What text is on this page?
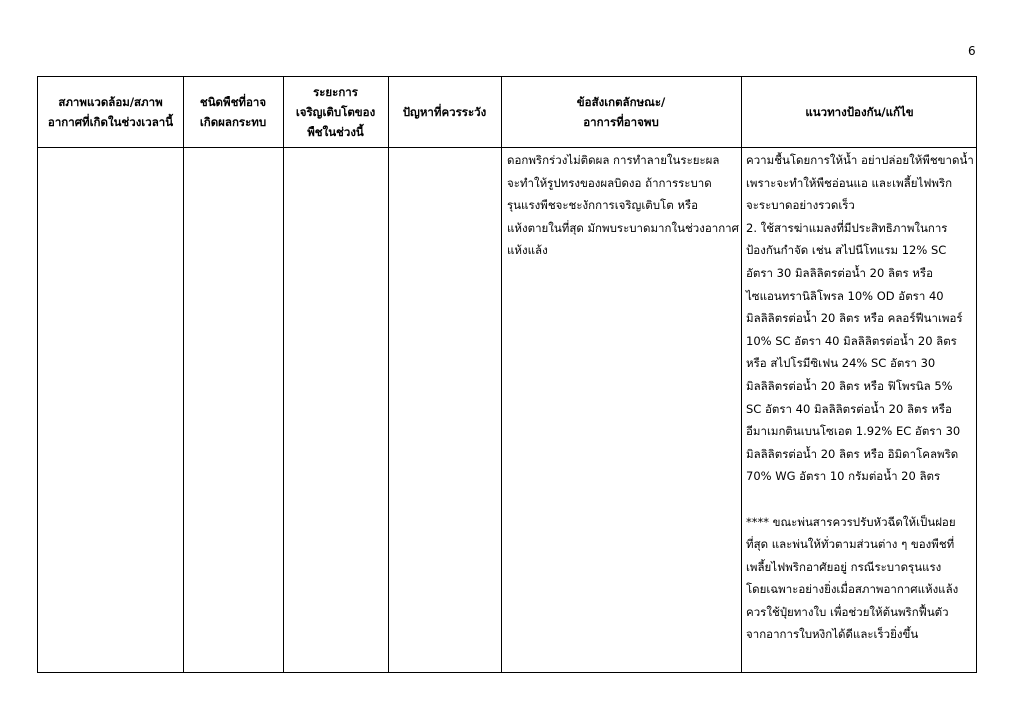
6
สภาพแวดล้อม/สภาพ
อากาศที่เกิดในช่วงเวลานี้
ชนิดพืชที่อาจ
เกิดผลกระทบ
ระยะการ
เจริญเติบโตของ
พืชในช่วงนี้
ปัญหาที่ควรระวัง
ข้อสังเกตลักษณะ/
อาการที่อาจพบ
แนวทางป้องกัน/แก้ไข
ดอกพริกร่วงไม่ติดผล การทำลายในระยะผล
จะทำให้รูปทรงของผลบิดงอ ถ้าการระบาด
รุนแรงพืชจะชะงักการเจริญเติบโต หรือ
แห้งตายในที่สุด มักพบระบาดมากในช่วงอากาศ
แห้งแล้ง
ความชื้นโดยการให้น้ำ อย่าปล่อยให้พืชขาดน้ำ
เพราะจะทำให้พืชอ่อนแอ และเพลี้ยไฟพริก
จะระบาดอย่างรวดเร็ว
2. ใช้สารฆ่าแมลงที่มีประสิทธิภาพในการ
ป้องกันกำจัด เช่น สไปนีโทแรม 12% SC
อัตรา 30 มิลลิลิตรต่อน้ำ 20 ลิตร หรือ
ไซแอนทรานิลิโพรล 10% OD อัตรา 40
มิลลิลิตรต่อน้ำ 20 ลิตร หรือ คลอร์ฟีนาเพอร์
10% SC อัตรา 40 มิลลิลิตรต่อน้ำ 20 ลิตร
หรือ สไปโรมีซิเฟน 24% SC อัตรา 30
มิลลิลิตรต่อน้ำ 20 ลิตร หรือ ฟิโพรนิล 5%
SC อัตรา 40 มิลลิลิตรต่อน้ำ 20 ลิตร หรือ
อีมาเมกตินเบนโซเอต 1.92% EC อัตรา 30
มิลลิลิตรต่อน้ำ 20 ลิตร หรือ อิมิดาโคลพริด
70% WG อัตรา 10 กรัมต่อน้ำ 20 ลิตร
**** ขณะพ่นสารควรปรับหัวฉีดให้เป็นฝอย
ที่สุด และพ่นให้ทั่วตามส่วนต่าง ๆ ของพืชที่
เพลี้ยไฟพริกอาศัยอยู่ กรณีระบาดรุนแรง
โดยเฉพาะอย่างยิ่งเมื่อสภาพอากาศแห้งแล้ง
ควรใช้ปุ๋ยทางใบ เพื่อช่วยให้ต้นพริกฟื้นตัว
จากอาการใบหงิกได้ดีและเร็วยิ่งขึ้น
